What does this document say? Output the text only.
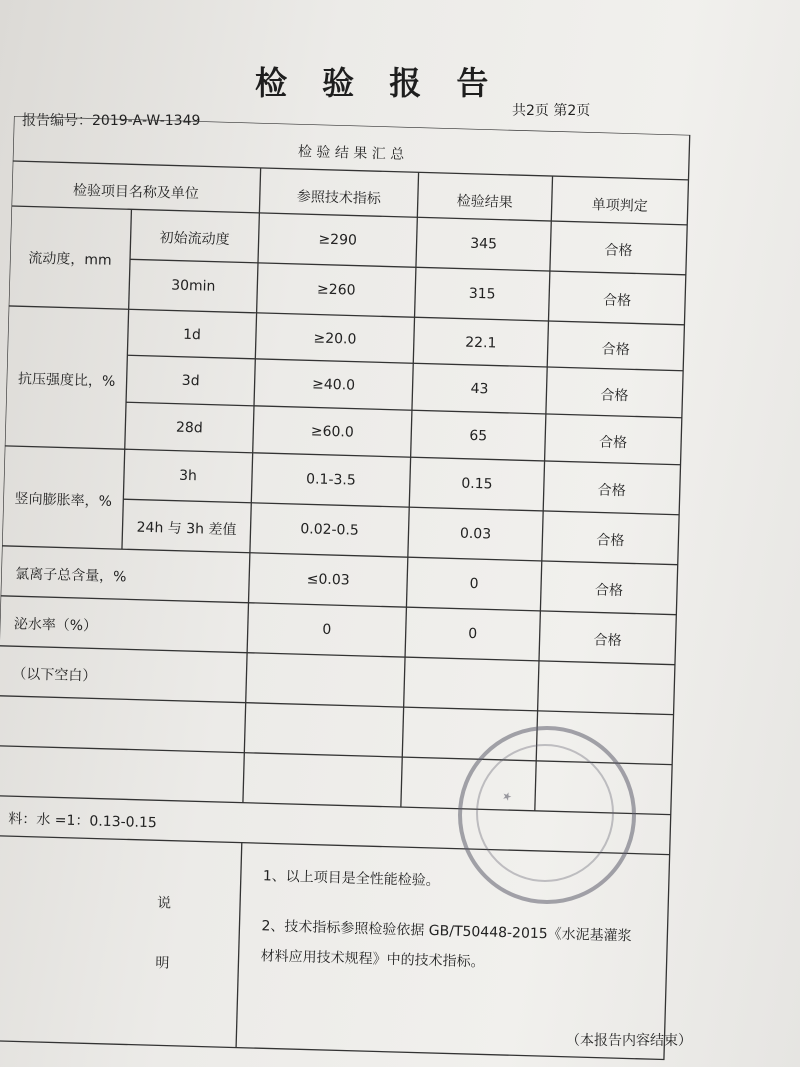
检 验 报 告
报告编号：2019-A-W-1349
共2页 第2页
检 验 结 果 汇 总
检验项目名称及单位	参照技术指标	检验结果	单项判定
流动度，mm
初始流动度	≥290	345	合格
30min	≥260	315	合格
抗压强度比，%
1d	≥20.0	22.1	合格
3d	≥40.0	43	合格
28d	≥60.0	65	合格
竖向膨胀率，%
3h	0.1-3.5	0.15	合格
24h 与 3h 差值	0.02-0.5	0.03	合格
氯离子总含量，%	≤0.03	0	合格
泌水率（%）	0	0	合格
（以下空白）
料：水 =1：0.13-0.15
说
明
1、以上项目是全性能检验。
2、技术指标参照检验依据 GB/T50448-2015《水泥基灌浆
材料应用技术规程》中的技术指标。
★
（本报告内容结束）
